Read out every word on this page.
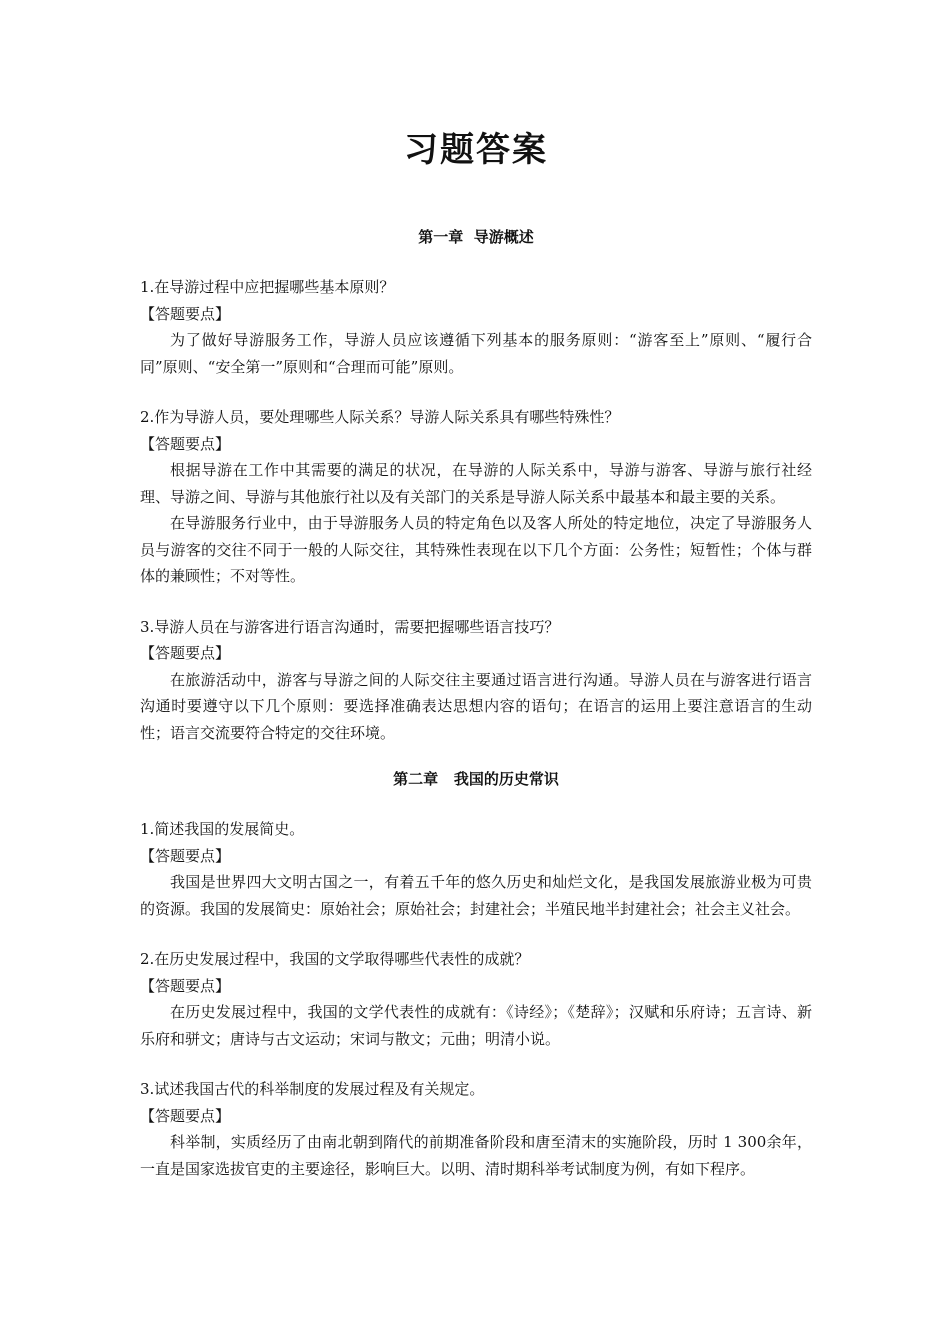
习题答案
第一章  导游概述

1.在导游过程中应把握哪些基本原则？

【答题要点】

为了做好导游服务工作，导游人员应该遵循下列基本的服务原则：“游客至上”原则、“履行合同”原则、“安全第一”原则和“合理而可能”原则。

2.作为导游人员，要处理哪些人际关系？导游人际关系具有哪些特殊性？

【答题要点】

根据导游在工作中其需要的满足的状况，在导游的人际关系中，导游与游客、导游与旅行社经理、导游之间、导游与其他旅行社以及有关部门的关系是导游人际关系中最基本和最主要的关系。

在导游服务行业中，由于导游服务人员的特定角色以及客人所处的特定地位，决定了导游服务人员与游客的交往不同于一般的人际交往，其特殊性表现在以下几个方面：公务性；短暂性；个体与群体的兼顾性；不对等性。

3.导游人员在与游客进行语言沟通时，需要把握哪些语言技巧？

【答题要点】

在旅游活动中，游客与导游之间的人际交往主要通过语言进行沟通。导游人员在与游客进行语言沟通时要遵守以下几个原则：要选择准确表达思想内容的语句；在语言的运用上要注意语言的生动性；语言交流要符合特定的交往环境。

第二章   我国的历史常识

1.简述我国的发展简史。

【答题要点】

我国是世界四大文明古国之一，有着五千年的悠久历史和灿烂文化，是我国发展旅游业极为可贵的资源。我国的发展简史：原始社会；原始社会；封建社会；半殖民地半封建社会；社会主义社会。

2.在历史发展过程中，我国的文学取得哪些代表性的成就？

【答题要点】

在历史发展过程中，我国的文学代表性的成就有：《诗经》；《楚辞》；汉赋和乐府诗；五言诗、新乐府和骈文；唐诗与古文运动；宋词与散文；元曲；明清小说。

3.试述我国古代的科举制度的发展过程及有关规定。

【答题要点】

科举制，实质经历了由南北朝到隋代的前期准备阶段和唐至清末的实施阶段，历时 1 300余年，一直是国家选拔官吏的主要途径，影响巨大。以明、清时期科举考试制度为例，有如下程序。
